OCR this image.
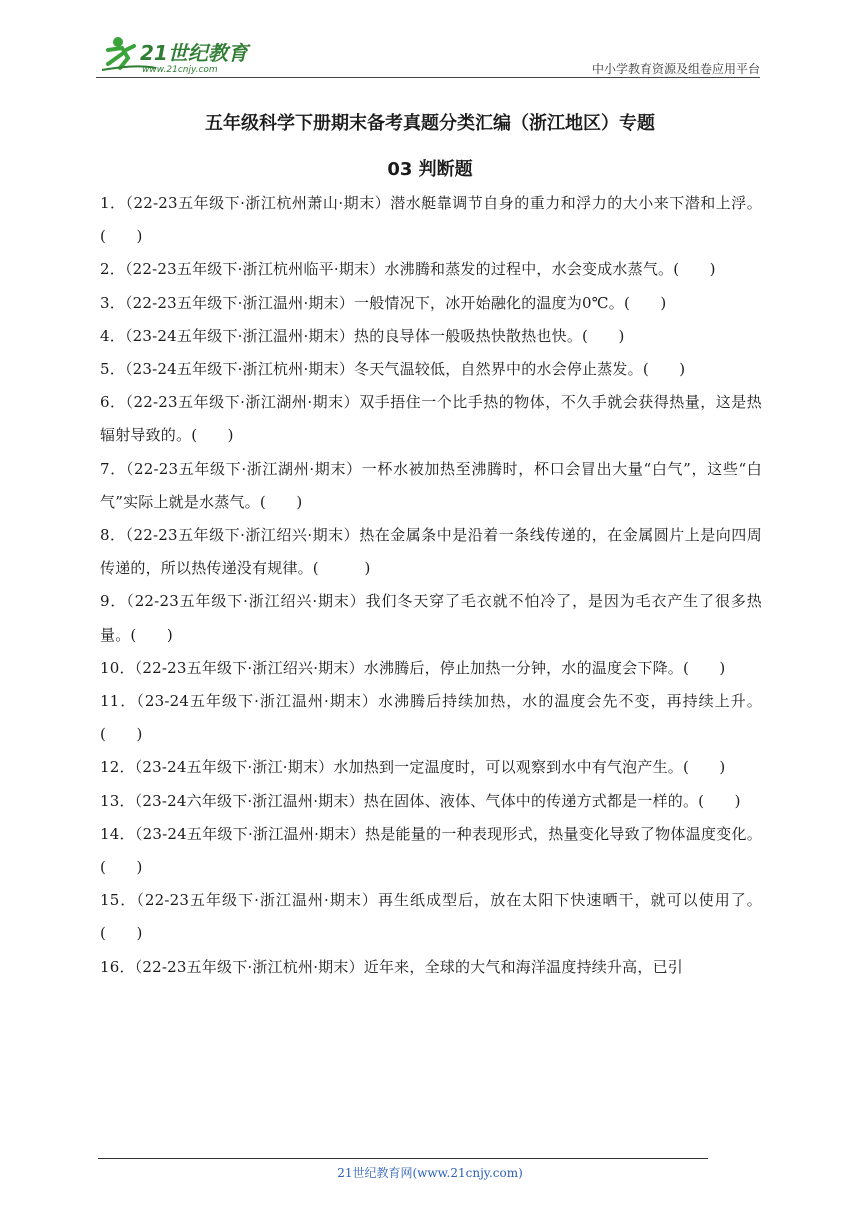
21世纪教育
www.21cnjy.com	中小学教育资源及组卷应用平台
五年级科学下册期末备考真题分类汇编（浙江地区）专题
03 判断题

1．（22-23五年级下·浙江杭州萧山·期末）潜水艇靠调节自身的重力和浮力的大小来下潜和上浮。(　　)

2．（22-23五年级下·浙江杭州临平·期末）水沸腾和蒸发的过程中，水会变成水蒸气。(　　)

3．（22-23五年级下·浙江温州·期末）一般情况下，冰开始融化的温度为0℃。(　　)

4．（23-24五年级下·浙江温州·期末）热的良导体一般吸热快散热也快。(　　)

5．（23-24五年级下·浙江杭州·期末）冬天气温较低，自然界中的水会停止蒸发。(　　)

6．（22-23五年级下·浙江湖州·期末）双手捂住一个比手热的物体，不久手就会获得热量，这是热辐射导致的。(　　)

7．（22-23五年级下·浙江湖州·期末）一杯水被加热至沸腾时，杯口会冒出大量“白气”，这些“白气”实际上就是水蒸气。(　　)

8．（22-23五年级下·浙江绍兴·期末）热在金属条中是沿着一条线传递的，在金属圆片上是向四周传递的，所以热传递没有规律。(　　　)

9．（22-23五年级下·浙江绍兴·期末）我们冬天穿了毛衣就不怕冷了，是因为毛衣产生了很多热量。(　　)

10．（22-23五年级下·浙江绍兴·期末）水沸腾后，停止加热一分钟，水的温度会下降。(　　)

11．（23-24五年级下·浙江温州·期末）水沸腾后持续加热，水的温度会先不变，再持续上升。(　　)

12．（23-24五年级下·浙江·期末）水加热到一定温度时，可以观察到水中有气泡产生。(　　)

13．（23-24六年级下·浙江温州·期末）热在固体、液体、气体中的传递方式都是一样的。(　　)

14．（23-24五年级下·浙江温州·期末）热是能量的一种表现形式，热量变化导致了物体温度变化。(　　)

15．（22-23五年级下·浙江温州·期末）再生纸成型后，放在太阳下快速晒干，就可以使用了。(　　)

16．（22-23五年级下·浙江杭州·期末）近年来，全球的大气和海洋温度持续升高，已引

21世纪教育网(www.21cnjy.com)
